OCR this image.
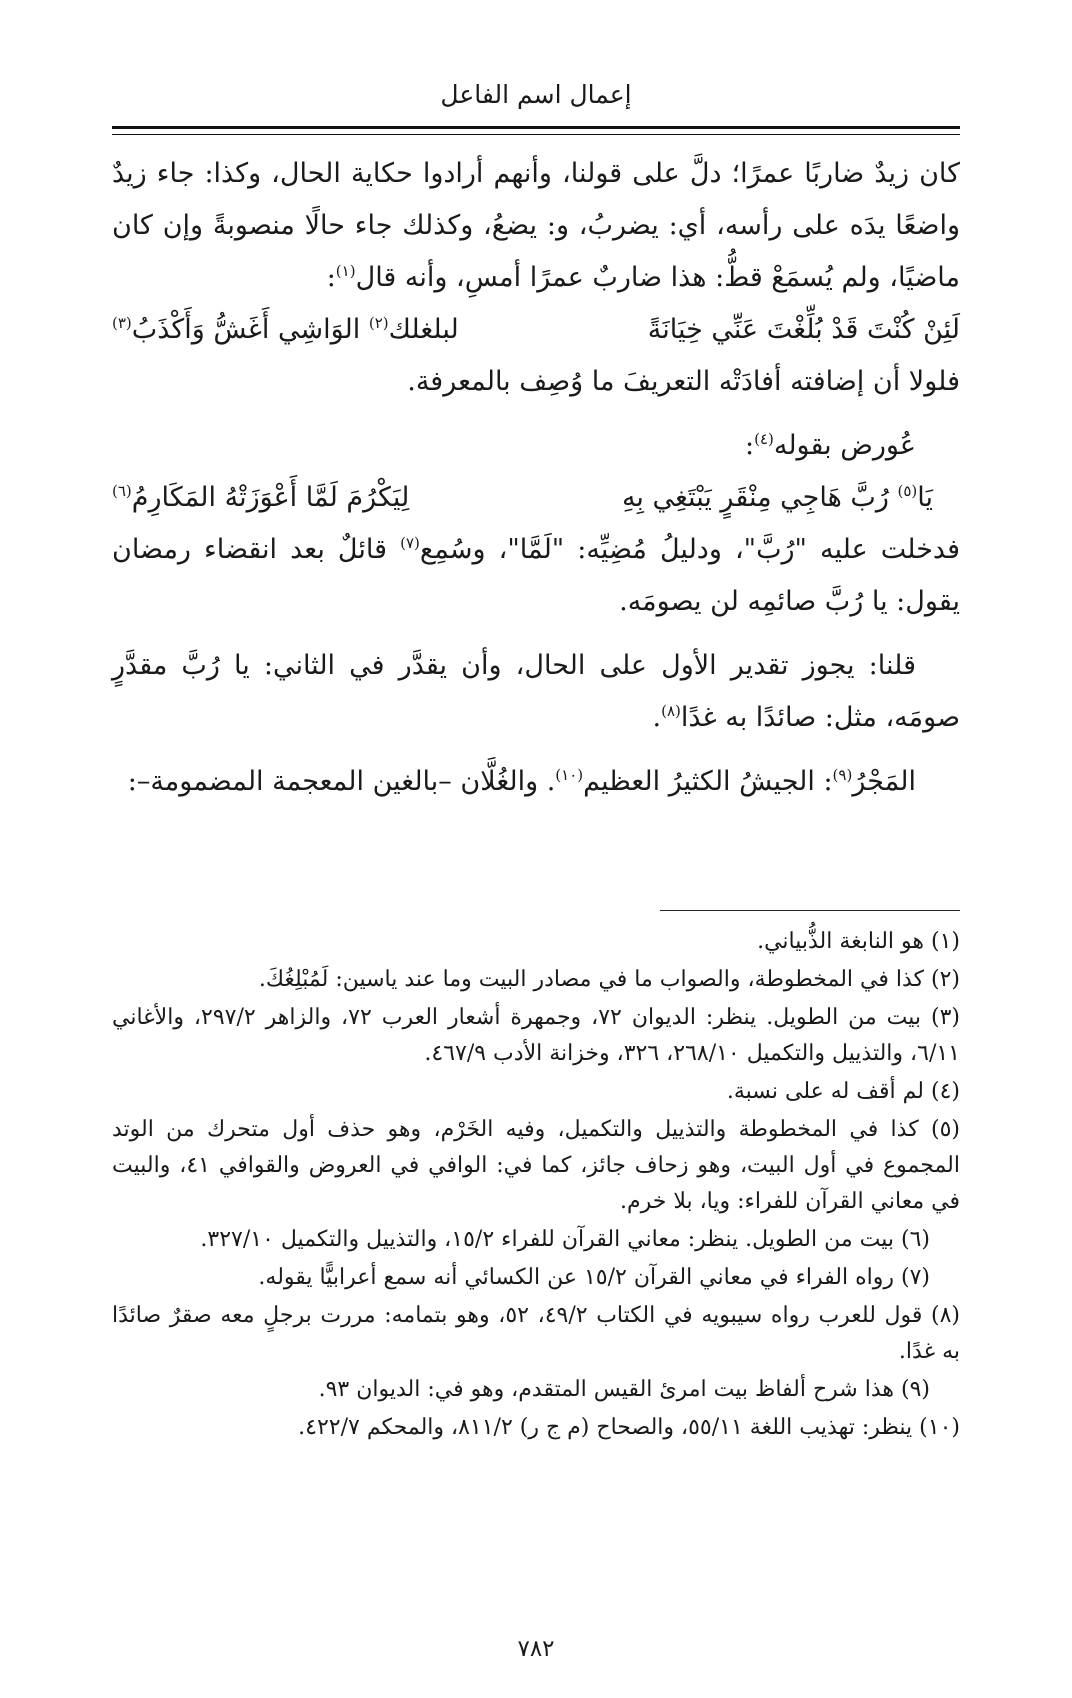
إعمال اسم الفاعل

كان زيدٌ ضاربًا عمرًا؛ دلَّ على قولنا، وأنهم أرادوا حكاية الحال، وكذا: جاء زيدٌ واضعًا يدَه على رأسه، أي: يضربُ، و: يضعُ، وكذلك جاء حالًا منصوبةً وإن كان ماضيًا، ولم يُسمَعْ قطُّ: هذا ضاربٌ عمرًا أمسِ، وأنه قال$^{(١)}$:

لَئِنْ كُنْتَ قَدْ بُلِّغْتَ عَنِّي خِيَانَةً
لبلغلك$^{(٢)}$ الوَاشِي أَغَشُّ وَأَكْذَبُ$^{(٣)}$

فلولا أن إضافته أفادَتْه التعريفَ ما وُصِف بالمعرفة.

عُورض بقوله$^{(٤)}$:

 يَا$^{(٥)}$ رُبَّ هَاجِي مِنْقَرٍ يَبْتَغِي بِهِ
لِيَكْرُمَ لَمَّا أَعْوَزَتْهُ المَكَارِمُ$^{(٦)}$

فدخلت عليه "رُبَّ"، ودليلُ مُضِيِّه: "لَمَّا"، وسُمِع$^{(٧)}$ قائلٌ بعد انقضاء رمضان يقول: يا رُبَّ صائمِه لن يصومَه.

قلنا: يجوز تقدير الأول على الحال، وأن يقدَّر في الثاني: يا رُبَّ مقدَّرٍ صومَه، مثل: صائدًا به غدًا$^{(٨)}$.

المَجْرُ$^{(٩)}$: الجيشُ الكثيرُ العظيم$^{(١٠)}$. والغُلَّان –بالغين المعجمة المضمومة–:

(١) هو النابغة الذُّبياني.

(٢) كذا في المخطوطة، والصواب ما في مصادر البيت وما عند ياسين: لَمُبْلِغُكَ.

(٣) بيت من الطويل. ينظر: الديوان ٧٢، وجمهرة أشعار العرب ٧٢، والزاهر ٢٩٧/٢، والأغاني ٦/١١، والتذييل والتكميل ٢٦٨/١٠، ٣٢٦، وخزانة الأدب ٤٦٧/٩.

(٤) لم أقف له على نسبة.

(٥) كذا في المخطوطة والتذييل والتكميل، وفيه الخَرْم، وهو حذف أول متحرك من الوتد المجموع في أول البيت، وهو زحاف جائز، كما في: الوافي في العروض والقوافي ٤١، والبيت في معاني القرآن للفراء: ويا، بلا خرم.

(٦) بيت من الطويل. ينظر: معاني القرآن للفراء ١٥/٢، والتذييل والتكميل ٣٢٧/١٠.

(٧) رواه الفراء في معاني القرآن ١٥/٢ عن الكسائي أنه سمع أعرابيًّا يقوله.

(٨) قول للعرب رواه سيبويه في الكتاب ٤٩/٢، ٥٢، وهو بتمامه: مررت برجلٍ معه صقرٌ صائدًا به غدًا.

(٩) هذا شرح ألفاظ بيت امرئ القيس المتقدم، وهو في: الديوان ٩٣.

(١٠) ينظر: تهذيب اللغة ٥٥/١١، والصحاح (م ج ر) ٨١١/٢، والمحكم ٤٢٢/٧.

٧٨٢
